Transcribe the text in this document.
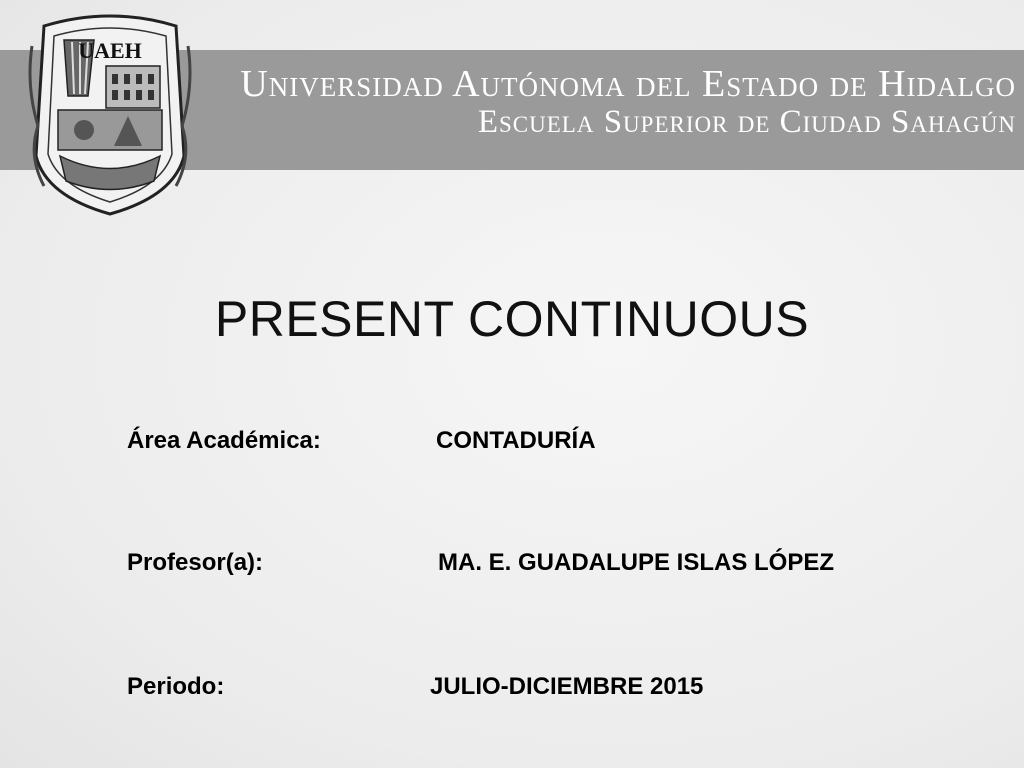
Universidad Autónoma del Estado de Hidalgo
Escuela Superior de Ciudad Sahagún
UAEH
PRESENT CONTINUOUS
Área Académica:	CONTADURÍA
Profesor(a):	MA. E. GUADALUPE ISLAS LÓPEZ
Periodo:	JULIO-DICIEMBRE 2015
